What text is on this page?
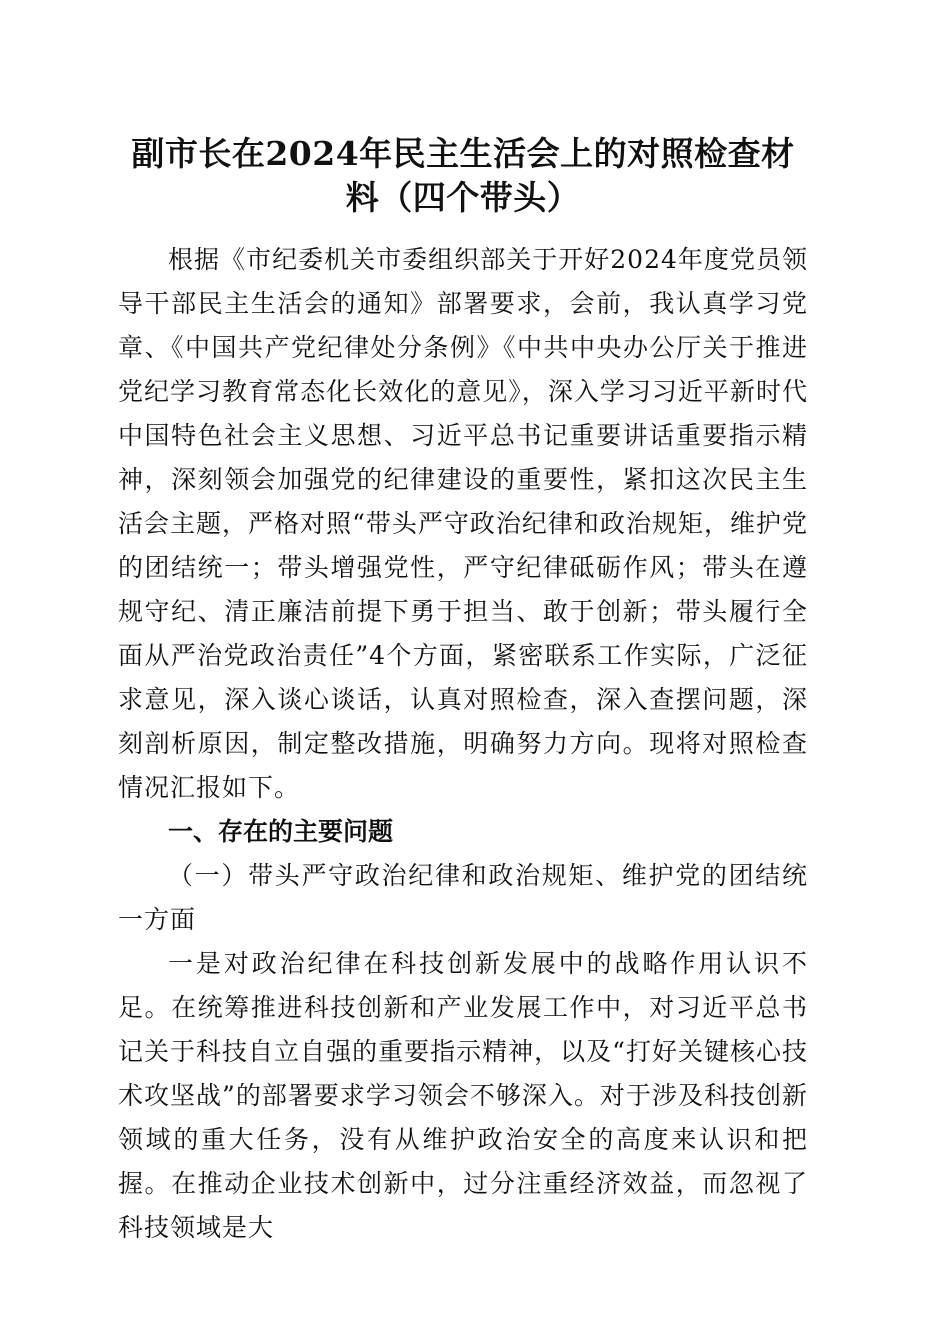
副市长在2024年民主生活会上的对照检查材料（四个带头）

根据《市纪委机关市委组织部关于开好2024年度党员领导干部民主生活会的通知》部署要求，会前，我认真学习党章、《中国共产党纪律处分条例》《中共中央办公厅关于推进党纪学习教育常态化长效化的意见》，深入学习习近平新时代中国特色社会主义思想、习近平总书记重要讲话重要指示精神，深刻领会加强党的纪律建设的重要性，紧扣这次民主生活会主题，严格对照“带头严守政治纪律和政治规矩，维护党的团结统一；带头增强党性，严守纪律砥砺作风；带头在遵规守纪、清正廉洁前提下勇于担当、敢于创新；带头履行全面从严治党政治责任”4个方面，紧密联系工作实际，广泛征求意见，深入谈心谈话，认真对照检查，深入查摆问题，深刻剖析原因，制定整改措施，明确努力方向。现将对照检查情况汇报如下。

一、存在的主要问题

（一）带头严守政治纪律和政治规矩、维护党的团结统一方面

一是对政治纪律在科技创新发展中的战略作用认识不足。在统筹推进科技创新和产业发展工作中，对习近平总书记关于科技自立自强的重要指示精神，以及“打好关键核心技术攻坚战”的部署要求学习领会不够深入。对于涉及科技创新领域的重大任务，没有从维护政治安全的高度来认识和把握。在推动企业技术创新中，过分注重经济效益，而忽视了科技领域是大
